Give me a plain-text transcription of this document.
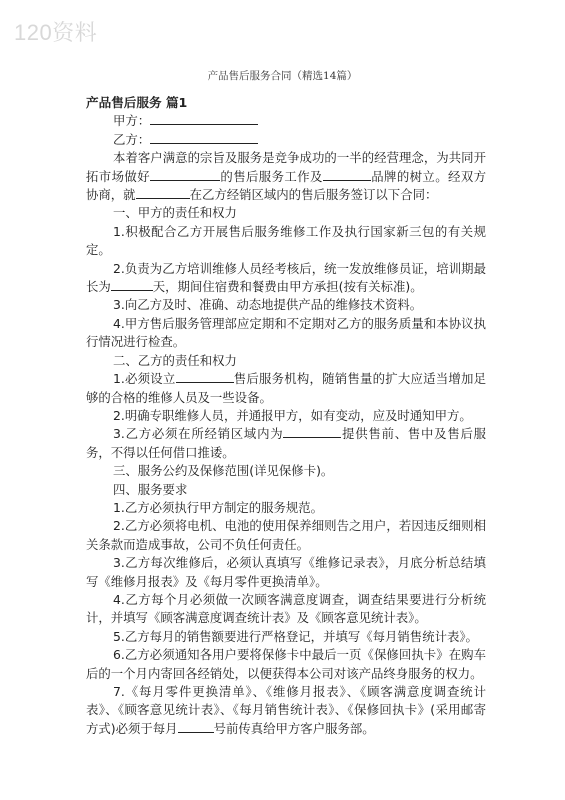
120资料
产品售后服务合同（精选14篇）
产品售后服务 篇1
甲方：
乙方：

本着客户满意的宗旨及服务是竞争成功的一半的经营理念，为共同开拓市场做好	的售后服务工作及	品牌的树立。经双方协商，就	在乙方经销区域内的售后服务签订以下合同：

一、甲方的责任和权力

1.积极配合乙方开展售后服务维修工作及执行国家新三包的有关规定。

2.负责为乙方培训维修人员经考核后，统一发放维修员证，培训期最长为	天，期间住宿费和餐费由甲方承担(按有关标准)。

3.向乙方及时、准确、动态地提供产品的维修技术资料。

4.甲方售后服务管理部应定期和不定期对乙方的服务质量和本协议执行情况进行检查。

二、乙方的责任和权力

1.必须设立	售后服务机构，随销售量的扩大应适当增加足够的合格的维修人员及一些设备。

2.明确专职维修人员，并通报甲方，如有变动，应及时通知甲方。

3.乙方必须在所经销区域内为	提供售前、售中及售后服务，不得以任何借口推诿。

三、服务公约及保修范围(详见保修卡)。

四、服务要求

1.乙方必须执行甲方制定的服务规范。

2.乙方必须将电机、电池的使用保养细则告之用户，若因违反细则相关条款而造成事故，公司不负任何责任。

3.乙方每次维修后，必须认真填写《维修记录表》，月底分析总结填写《维修月报表》及《每月零件更换清单》。

4.乙方每个月必须做一次顾客满意度调查，调查结果要进行分析统计，并填写《顾客满意度调查统计表》及《顾客意见统计表》。

5.乙方每月的销售额要进行严格登记，并填写《每月销售统计表》。

6.乙方必须通知各用户要将保修卡中最后一页《保修回执卡》在购车后的一个月内寄回各经销处，以便获得本公司对该产品终身服务的权力。

7.《每月零件更换清单》、《维修月报表》、《顾客满意度调查统计表》、《顾客意见统计表》、《每月销售统计表》、《保修回执卡》(采用邮寄方式)必须于每月	号前传真给甲方客户服务部。
